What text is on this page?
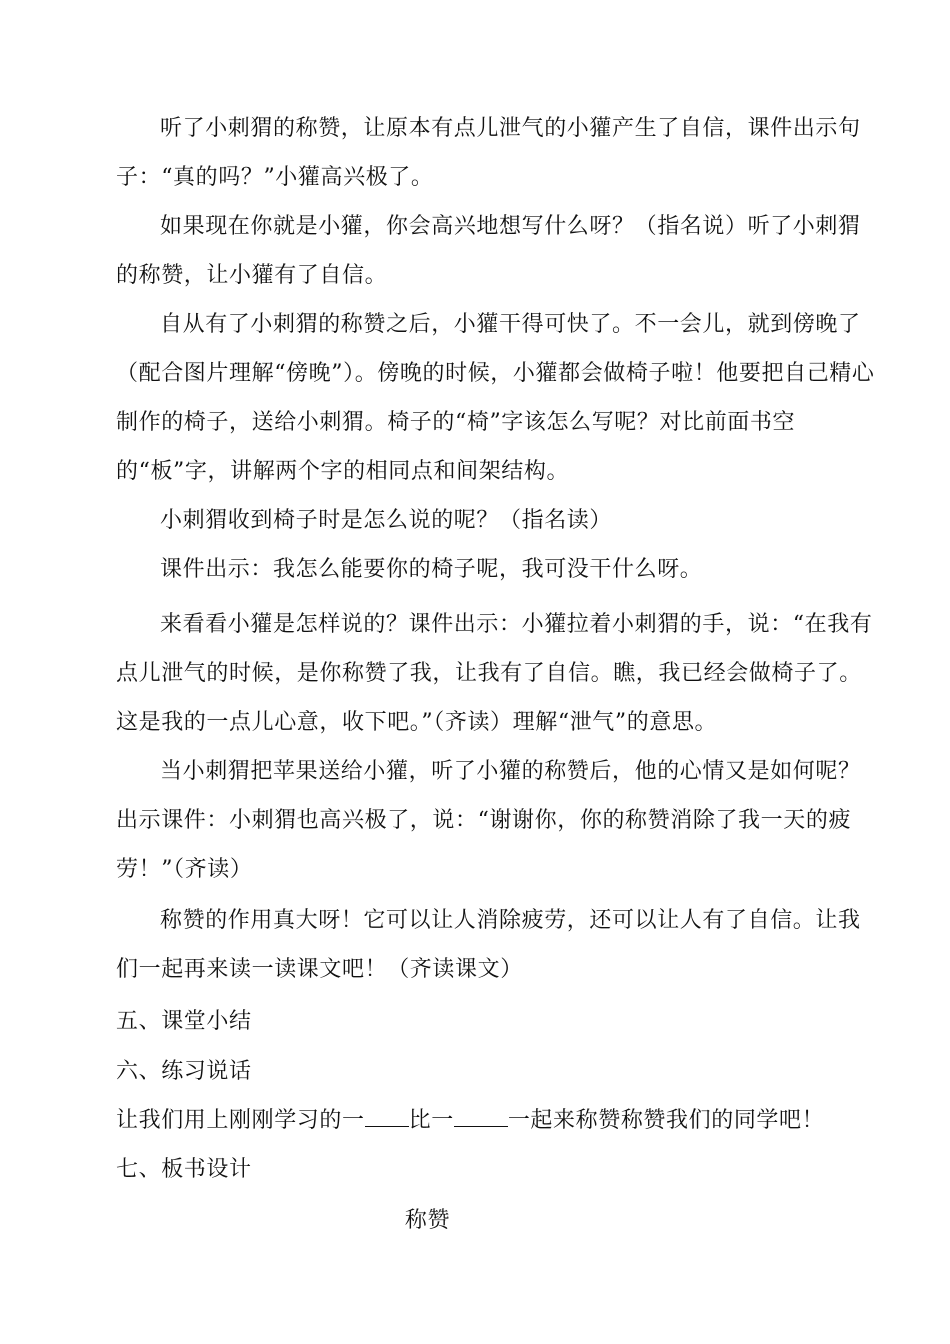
听了小刺猬的称赞，让原本有点儿泄气的小獾产生了自信，课件出示句子：“真的吗？”小獾高兴极了。

如果现在你就是小獾，你会高兴地想写什么呀？（指名说）听了小刺猬的称赞，让小獾有了自信。

自从有了小刺猬的称赞之后，小獾干得可快了。不一会儿，就到傍晚了（配合图片理解“傍晚”）。傍晚的时候，小獾都会做椅子啦！他要把自己精心制作的椅子，送给小刺猬。椅子的“椅”字该怎么写呢？对比前面书空的“板”字，讲解两个字的相同点和间架结构。

小刺猬收到椅子时是怎么说的呢？（指名读）

课件出示：我怎么能要你的椅子呢，我可没干什么呀。

来看看小獾是怎样说的？课件出示：小獾拉着小刺猬的手，说：“在我有点儿泄气的时候，是你称赞了我，让我有了自信。瞧，我已经会做椅子了。这是我的一点儿心意，收下吧。”（齐读）理解“泄气”的意思。

当小刺猬把苹果送给小獾，听了小獾的称赞后，他的心情又是如何呢？出示课件：小刺猬也高兴极了，说：“谢谢你，你的称赞消除了我一天的疲劳！”（齐读）

称赞的作用真大呀！它可以让人消除疲劳，还可以让人有了自信。让我们一起再来读一读课文吧！（齐读课文）

五、课堂小结

六、练习说话

让我们用上刚刚学习的一 比一 一起来称赞称赞我们的同学吧！

七、板书设计

称赞
